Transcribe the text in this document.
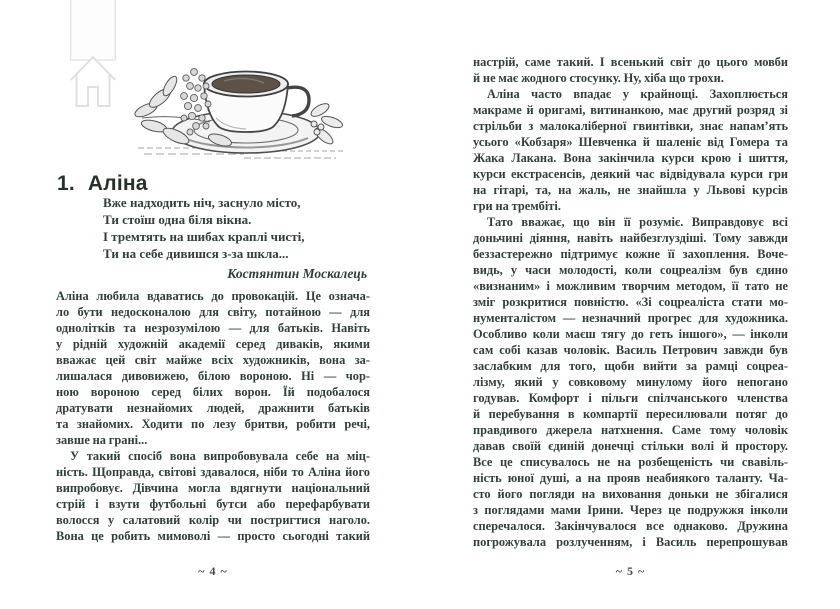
1. Аліна
Вже надходить ніч, заснуло місто,
Ти стоїш одна біля вікна.
І тремтять на шибах краплі чисті,
Ти на себе дивишся з-за шкла...
Костянтин Москалець
Аліна любила вдаватись до провокацій. Це означа-
ло бути недосконалою для світу, потайною — для
однолітків та незрозумілою — для батьків. Навіть
у рідній художній академії серед диваків, якими
вважає цей світ майже всіх художників, вона за-
лишалася дивовижею, білою вороною. Ні — чор-
ною вороною серед білих ворон. Їй подобалося
дратувати незнайомих людей, дражнити батьків
та знайомих. Ходити по лезу бритви, робити речі,
завше на грані...
У такий спосіб вона випробовувала себе на міц-
ність. Щоправда, світові здавалося, ніби то Аліна його
випробовує. Дівчина могла вдягнути національний
стрій і взути футбольні бутси або перефарбувати
волосся у салатовий колір чи постригтися наголо.
Вона це робить мимоволі — просто сьогодні такий
~ 4 ~
настрій, саме такий. І всенький світ до цього мовби
й не має жодного стосунку. Ну, хіба що трохи.
Аліна часто впадає у крайнощі. Захоплюється
макраме й оригамі, витинанкою, має другий розряд зі
стрільби з малокаліберної гвинтівки, знає напам’ять
усього «Кобзаря» Шевченка й шаленіє від Гомера та
Жака Лакана. Вона закінчила курси крою і шиття,
курси екстрасенсів, деякий час відвідувала курси гри
на гітарі, та, на жаль, не знайшла у Львові курсів
гри на трембіті.
Тато вважає, що він її розуміє. Виправдовує всі
доньчині діяння, навіть найбезглуздіші. Тому завжди
беззастережно підтримує кожне її захоплення. Воче-
видь, у часи молодості, коли соцреалізм був єдино
«визнаним» і можливим творчим методом, її тато не
зміг розкритися повністю. «Зі соцреаліста стати мо-
нументалістом — незначний прогрес для художника.
Особливо коли маєш тягу до геть іншого», — інколи
сам собі казав чоловік. Василь Петрович завжди був
заслабким для того, щоби вийти за рамці соцреа-
лізму, який у совковому минулому його непогано
годував. Комфорт і пільги спілчанського членства
й перебування в компартії пересилювали потяг до
правдивого джерела натхнення. Саме тому чоловік
давав своїй єдиній донечці стільки волі й простору.
Все це списувалось не на розбещеність чи свавіль-
ність юної душі, а на прояв неабиякого таланту. Ча-
сто його погляди на виховання доньки не збігалися
з поглядами мами Ірини. Через це подружжя інколи
сперечалося. Закінчувалося все однаково. Дружина
погрожувала розлученням, і Василь перепрошував
~ 5 ~
